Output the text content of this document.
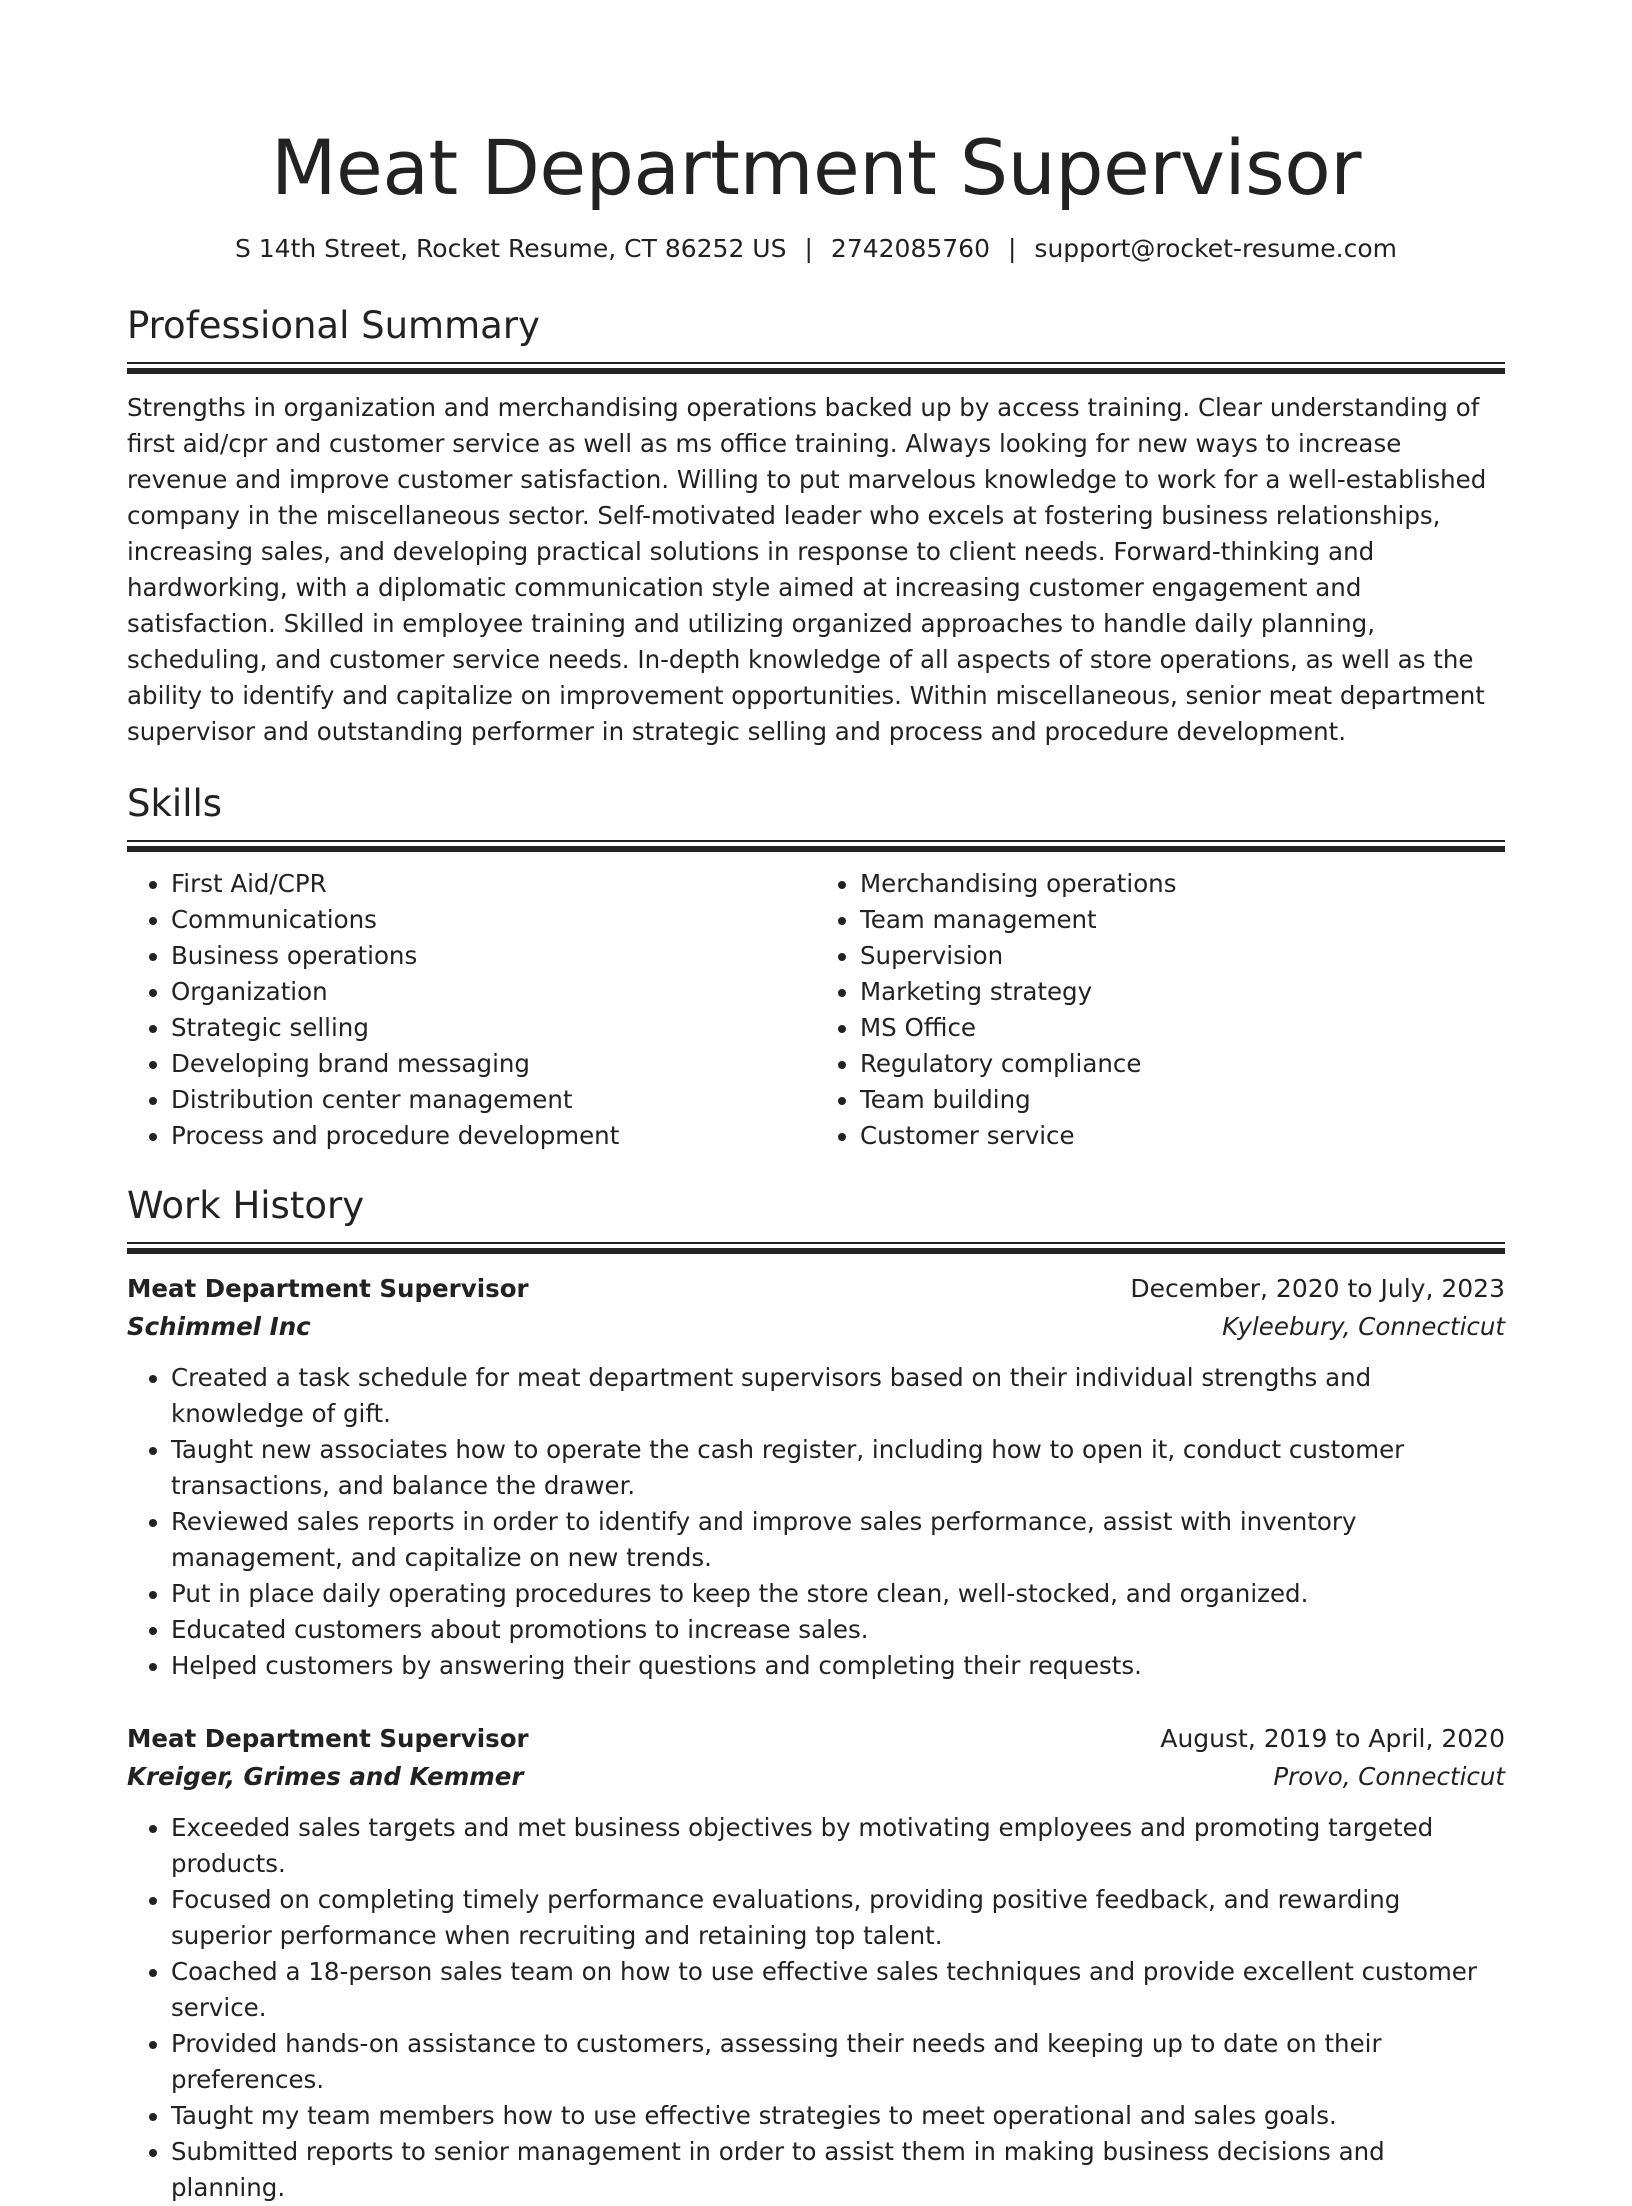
Meat Department Supervisor
S 14th Street, Rocket Resume, CT 86252 US | 2742085760 | support@rocket-resume.com
Professional Summary

Strengths in organization and merchandising operations backed up by access training. Clear understanding of first aid/cpr and customer service as well as ms office training. Always looking for new ways to increase revenue and improve customer satisfaction. Willing to put marvelous knowledge to work for a well-established company in the miscellaneous sector. Self-motivated leader who excels at fostering business relationships, increasing sales, and developing practical solutions in response to client needs. Forward-thinking and hardworking, with a diplomatic communication style aimed at increasing customer engagement and satisfaction. Skilled in employee training and utilizing organized approaches to handle daily planning, scheduling, and customer service needs. In-depth knowledge of all aspects of store operations, as well as the ability to identify and capitalize on improvement opportunities. Within miscellaneous, senior meat department supervisor and outstanding performer in strategic selling and process and procedure development.

Skills
• First Aid/CPR
• Communications
• Business operations
• Organization
• Strategic selling
• Developing brand messaging
• Distribution center management
• Process and procedure development
• Merchandising operations
• Team management
• Supervision
• Marketing strategy
• MS Office
• Regulatory compliance
• Team building
• Customer service
Work History
Meat Department Supervisor	December, 2020 to July, 2023
Schimmel Inc	Kyleebury, Connecticut
• Created a task schedule for meat department supervisors based on their individual strengths and knowledge of gift.
• Taught new associates how to operate the cash register, including how to open it, conduct customer transactions, and balance the drawer.
• Reviewed sales reports in order to identify and improve sales performance, assist with inventory management, and capitalize on new trends.
• Put in place daily operating procedures to keep the store clean, well-stocked, and organized.
• Educated customers about promotions to increase sales.
• Helped customers by answering their questions and completing their requests.
Meat Department Supervisor	August, 2019 to April, 2020
Kreiger, Grimes and Kemmer	Provo, Connecticut
• Exceeded sales targets and met business objectives by motivating employees and promoting targeted products.
• Focused on completing timely performance evaluations, providing positive feedback, and rewarding superior performance when recruiting and retaining top talent.
• Coached a 18-person sales team on how to use effective sales techniques and provide excellent customer service.
• Provided hands-on assistance to customers, assessing their needs and keeping up to date on their preferences.
• Taught my team members how to use effective strategies to meet operational and sales goals.
• Submitted reports to senior management in order to assist them in making business decisions and planning.
